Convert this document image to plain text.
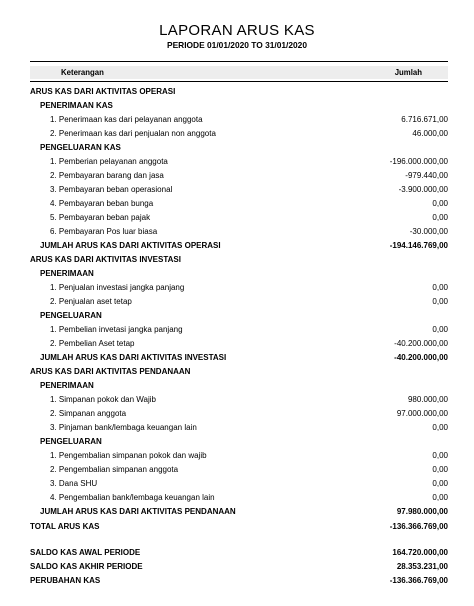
LAPORAN ARUS KAS
PERIODE 01/01/2020 TO 31/01/2020
Keterangan	Jumlah
ARUS KAS DARI AKTIVITAS OPERASI
PENERIMAAN KAS
1. Penerimaan kas dari pelayanan anggota	6.716.671,00
2. Penerimaan kas dari penjualan non anggota	46.000,00
PENGELUARAN KAS
1. Pemberian pelayanan anggota	-196.000.000,00
2. Pembayaran barang dan jasa	-979.440,00
3. Pembayaran beban operasional	-3.900.000,00
4. Pembayaran beban bunga	0,00
5. Pembayaran beban pajak	0,00
6. Pembayaran Pos luar biasa	-30.000,00
JUMLAH ARUS KAS DARI AKTIVITAS OPERASI	-194.146.769,00
ARUS KAS DARI AKTIVITAS INVESTASI
PENERIMAAN
1. Penjualan investasi jangka panjang	0,00
2. Penjualan aset tetap	0,00
PENGELUARAN
1. Pembelian invetasi jangka panjang	0,00
2. Pembelian Aset tetap	-40.200.000,00
JUMLAH ARUS KAS DARI AKTIVITAS INVESTASI	-40.200.000,00
ARUS KAS DARI AKTIVITAS PENDANAAN
PENERIMAAN
1. Simpanan pokok dan Wajib	980.000,00
2. Simpanan anggota	97.000.000,00
3. Pinjaman bank/lembaga keuangan lain	0,00
PENGELUARAN
1. Pengembalian simpanan pokok dan wajib	0,00
2. Pengembalian simpanan anggota	0,00
3. Dana SHU	0,00
4. Pengembalian bank/lembaga keuangan lain	0,00
JUMLAH ARUS KAS DARI AKTIVITAS PENDANAAN	97.980.000,00
TOTAL ARUS KAS	-136.366.769,00
SALDO KAS AWAL PERIODE	164.720.000,00
SALDO KAS AKHIR PERIODE	28.353.231,00
PERUBAHAN KAS	-136.366.769,00
